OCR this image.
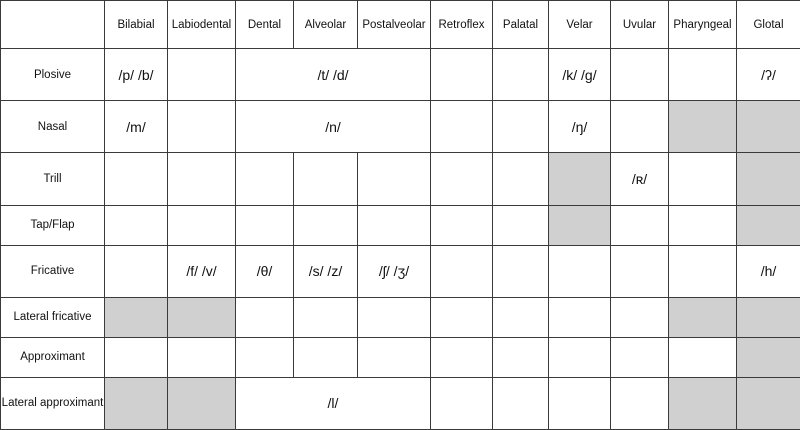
	Bilabial	Labiodental	Dental	Alveolar	Postalveolar	Retroflex	Palatal	Velar	Uvular	Pharyngeal	Glotal
Plosive	/p/ /b/		/t/ /d/					/k/ /g/			/ʔ/
Nasal	/m/		/n/					/ŋ/			
Trill									/ʀ/		
Tap/Flap											
Fricative		/f/ /v/	/θ/	/s/ /z/	/ʃ/ /ʒ/						/h/
Lateral fricative											
Approximant											
Lateral approximant			/l/								
